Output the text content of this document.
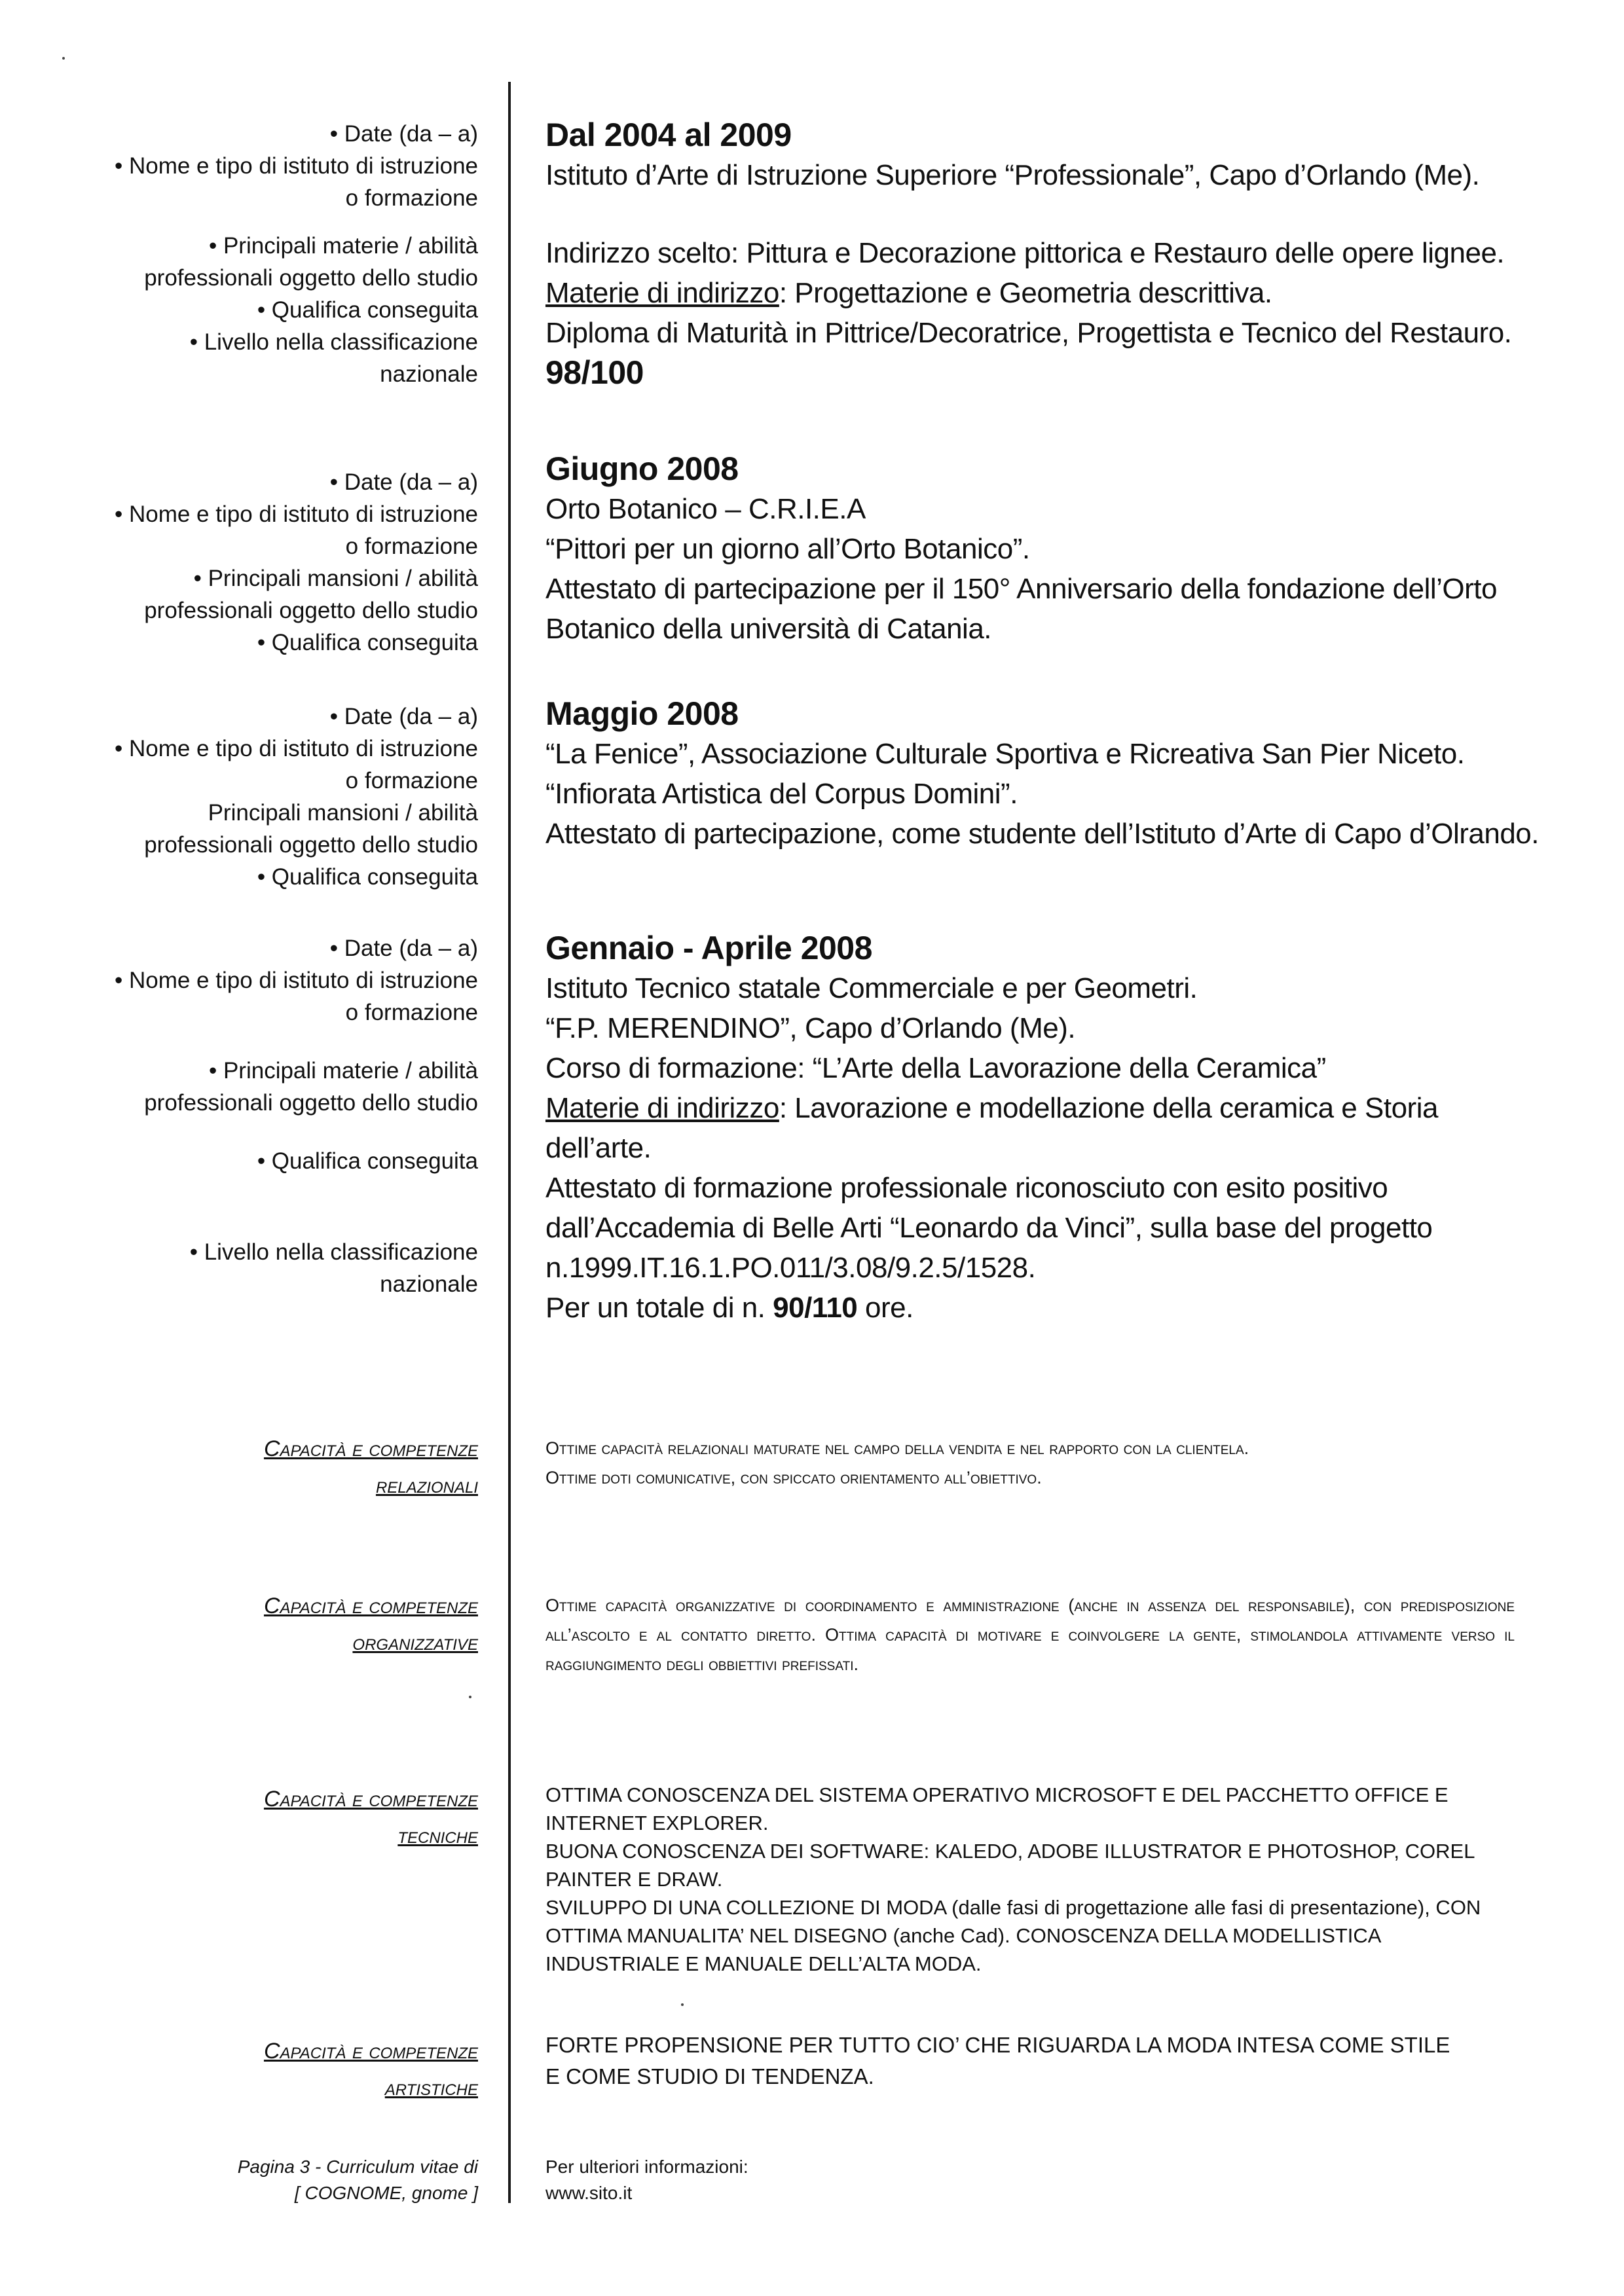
• Date (da – a)
• Nome e tipo di istituto di istruzione
o formazione
• Principali materie / abilità
professionali oggetto dello studio
• Qualifica conseguita
• Livello nella classificazione
nazionale
Dal 2004 al 2009
Istituto d’Arte di Istruzione Superiore “Professionale”, Capo d’Orlando (Me).
Indirizzo scelto: Pittura e Decorazione pittorica e Restauro delle opere lignee.
Materie di indirizzo: Progettazione e Geometria descrittiva.
Diploma di Maturità in Pittrice/Decoratrice, Progettista e Tecnico del Restauro.
98/100
• Date (da – a)
• Nome e tipo di istituto di istruzione
o formazione
• Principali mansioni / abilità
professionali oggetto dello studio
• Qualifica conseguita
Giugno 2008
Orto Botanico – C.R.I.E.A
“Pittori per un giorno all’Orto Botanico”.
Attestato di partecipazione per il 150° Anniversario della fondazione dell’Orto
Botanico della università di Catania.
• Date (da – a)
• Nome e tipo di istituto di istruzione
o formazione
Principali mansioni / abilità
professionali oggetto dello studio
• Qualifica conseguita
Maggio 2008
“La Fenice”, Associazione Culturale Sportiva e Ricreativa San Pier Niceto.
“Infiorata Artistica del Corpus Domini”.
Attestato di partecipazione, come studente dell’Istituto d’Arte di Capo d’Olrando.
• Date (da – a)
• Nome e tipo di istituto di istruzione
o formazione
• Principali materie / abilità
professionali oggetto dello studio
• Qualifica conseguita
• Livello nella classificazione
nazionale
Gennaio - Aprile 2008
Istituto Tecnico statale Commerciale e per Geometri.
“F.P. MERENDINO”, Capo d’Orlando (Me).
Corso di formazione: “L’Arte della Lavorazione della Ceramica”
Materie di indirizzo: Lavorazione e modellazione della ceramica e Storia
dell’arte.
Attestato di formazione professionale riconosciuto con esito positivo
dall’Accademia di Belle Arti “Leonardo da Vinci”, sulla base del progetto
n.1999.IT.16.1.PO.011/3.08/9.2.5/1528.
Per un totale di n. 90/110 ore.
Capacità e competenze
relazionali
Ottime capacità relazionali maturate nel campo della vendita e nel rapporto con la clientela.
Ottime doti comunicative, con spiccato orientamento all’obiettivo.
Capacità e competenze
organizzative
Ottime capacità organizzative di coordinamento e amministrazione (anche in assenza del responsabile), con predisposizione all’ascolto e al contatto diretto. Ottima capacità di motivare e coinvolgere la gente, stimolandola attivamente verso il raggiungimento degli obbiettivi prefissati.
Capacità e competenze
tecniche
OTTIMA CONOSCENZA DEL SISTEMA OPERATIVO MICROSOFT E DEL PACCHETTO OFFICE E
INTERNET EXPLORER.
BUONA CONOSCENZA DEI SOFTWARE: KALEDO, ADOBE ILLUSTRATOR E PHOTOSHOP, COREL
PAINTER E DRAW.
SVILUPPO DI UNA COLLEZIONE DI MODA (dalle fasi di progettazione alle fasi di presentazione), CON
OTTIMA MANUALITA’ NEL DISEGNO (anche Cad). CONOSCENZA DELLA MODELLISTICA
INDUSTRIALE E MANUALE DELL’ALTA MODA.
Capacità e competenze
artistiche
FORTE PROPENSIONE PER TUTTO CIO’ CHE RIGUARDA LA MODA INTESA COME STILE
E COME STUDIO DI TENDENZA.
Pagina 3 - Curriculum vitae di
[ COGNOME, gnome ]
Per ulteriori informazioni:
www.sito.it
